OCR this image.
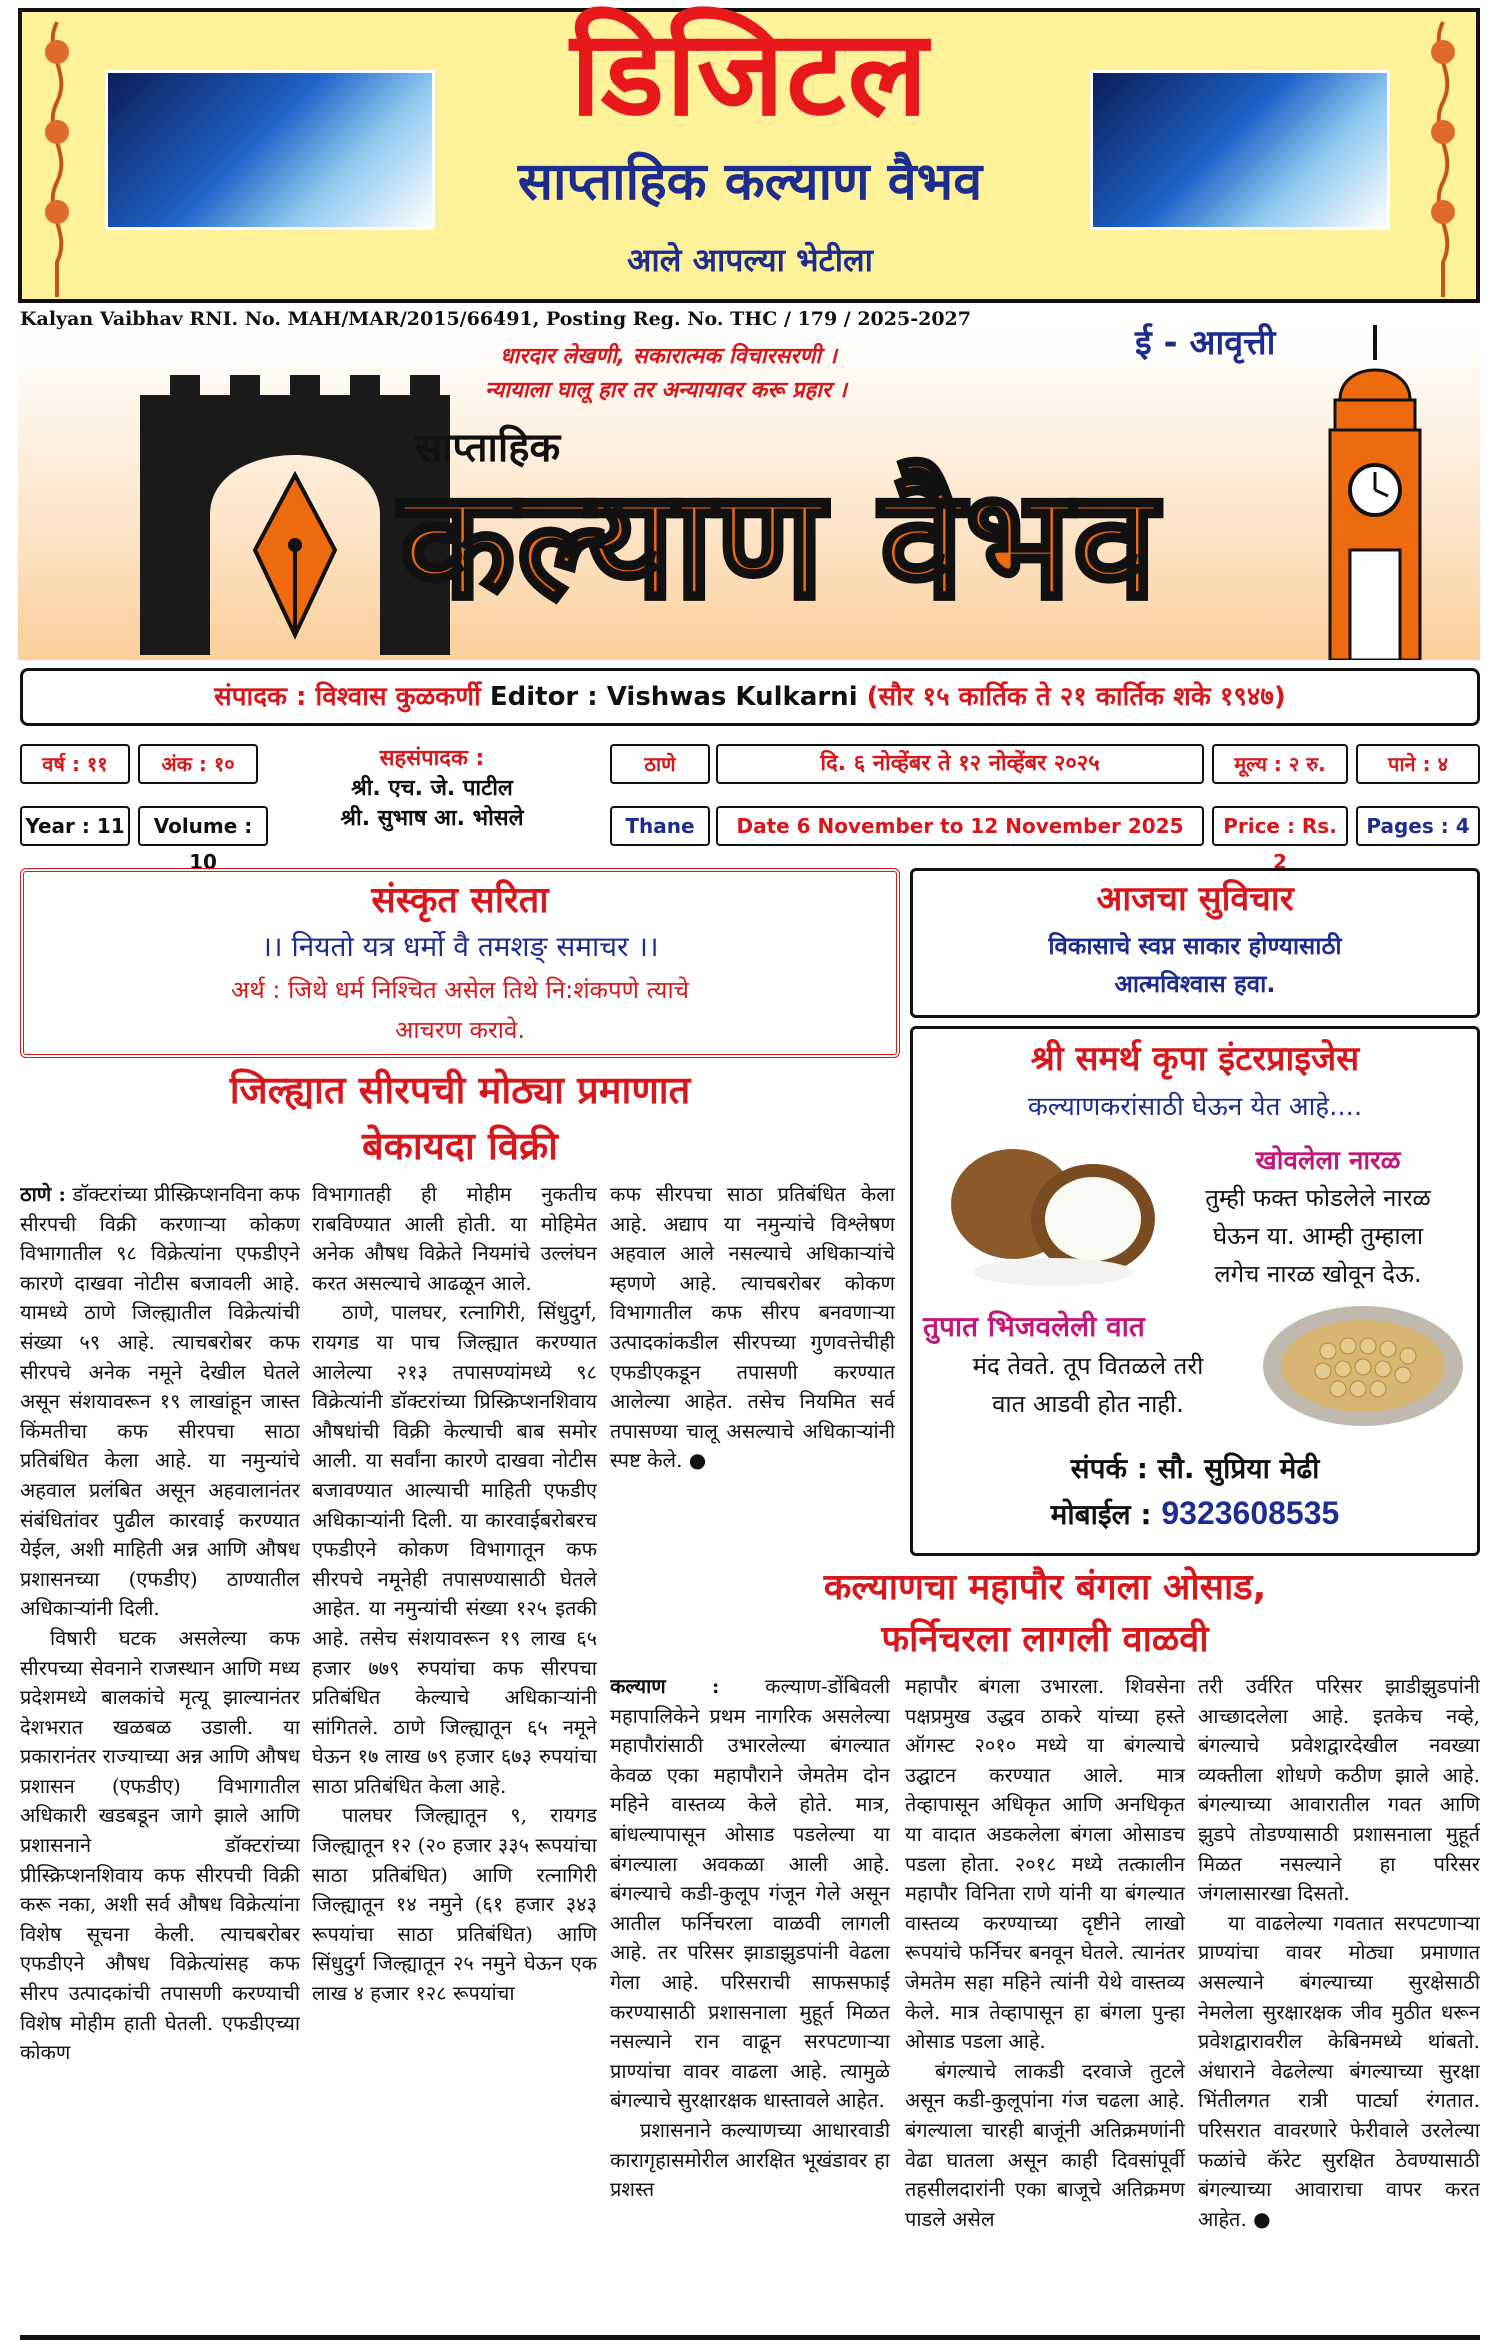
डिजिटल
साप्ताहिक कल्याण वैभव
आले आपल्या भेटीला
Kalyan Vaibhav RNI. No. MAH/MAR/2015/66491, Posting Reg. No. THC / 179 / 2025-2027
धारदार लेखणी, सकारात्मक विचारसरणी ।
न्यायाला घालू हार तर अन्यायावर करू प्रहार ।
ई - आवृत्ती
साप्ताहिक
कल्याण वैभव
संपादक : विश्वास कुळकर्णी Editor : Vishwas Kulkarni (सौर १५ कार्तिक ते २१ कार्तिक शके १९४७)
वर्ष : ११	अंक : १०	सहसंपादक :
श्री. एच. जे. पाटील
श्री. सुभाष आ. भोसले
ठाणे	दि. ६ नोव्हेंबर ते १२ नोव्हेंबर २०२५	मूल्य : २ रु.	पाने : ४
Year : 11	Volume : 10
Thane	Date 6 November to 12 November 2025	Price : Rs. 2
Pages : 4
संस्कृत सरिता
।। नियतो यत्र धर्मो वै तमशङ्‍ समाचर ।।
अर्थ : जिथे धर्म निश्चित असेल तिथे नि:शंकपणे त्याचे
आचरण करावे.
आजचा सुविचार
विकासाचे स्वप्न साकार होण्यासाठी
आत्मविश्वास हवा.
श्री समर्थ कृपा इंटरप्राइजेस
कल्याणकरांसाठी घेऊन येत आहे....
खोवलेला नारळ
तुम्ही फक्त फोडलेले नारळ
घेऊन या. आम्ही तुम्हाला
लगेच नारळ खोवून देऊ.
तुपात भिजवलेली वात
मंद तेवते. तूप वितळले तरी
वात आडवी होत नाही.
संपर्क : सौ. सुप्रिया मेढी
मोबाईल : 9323608535
जिल्ह्यात सीरपची मोठ्या प्रमाणात
बेकायदा विक्री

ठाणे : डॉक्टरांच्या प्रीस्क्रिप्शनविना कफ सीरपची विक्री करणाऱ्या कोकण विभागातील ९८ विक्रेत्यांना एफडीएने कारणे दाखवा नोटीस बजावली आहे. यामध्ये ठाणे जिल्ह्यातील विक्रेत्यांची संख्या ५९ आहे. त्याचबरोबर कफ सीरपचे अनेक नमूने देखील घेतले असून संशयावरून १९ लाखांहून जास्त किंमतीचा कफ सीरपचा साठा प्रतिबंधित केला आहे. या नमुन्यांचे अहवाल प्रलंबित असून अहवालानंतर संबंधितांवर पुढील कारवाई करण्यात येईल, अशी माहिती अन्न आणि औषध प्रशासनच्या (एफडीए) ठाण्यातील अधिकाऱ्यांनी दिली.

विषारी घटक असलेल्या कफ सीरपच्या सेवनाने राजस्थान आणि मध्य प्रदेशमध्ये बालकांचे मृत्यू झाल्यानंतर देशभरात खळबळ उडाली. या प्रकारानंतर राज्याच्या अन्न आणि औषध प्रशासन (एफडीए) विभागातील अधिकारी खडबडून जागे झाले आणि प्रशासनाने डॉक्टरांच्या प्रीस्क्रिप्शनशिवाय कफ सीरपची विक्री करू नका, अशी सर्व औषध विक्रेत्यांना विशेष सूचना केली. त्याचबरोबर एफडीएने औषध विक्रेत्यांसह कफ सीरप उत्पादकांची तपासणी करण्याची विशेष मोहीम हाती घेतली. एफडीएच्या कोकण

विभागातही ही मोहीम नुकतीच राबविण्यात आली होती. या मोहिमेत अनेक औषध विक्रेते नियमांचे उल्लंघन करत असल्याचे आढळून आले.

ठाणे, पालघर, रत्नागिरी, सिंधुदुर्ग, रायगड या पाच जिल्ह्यात करण्यात आलेल्या २१३ तपासण्यांमध्ये ९८ विक्रेत्यांनी डॉक्टरांच्या प्रिस्क्रिप्शनशिवाय औषधांची विक्री केल्याची बाब समोर आली. या सर्वांना कारणे दाखवा नोटीस बजावण्यात आल्याची माहिती एफडीए अधिकाऱ्यांनी दिली. या कारवाईबरोबरच एफडीएने कोकण विभागातून कफ सीरपचे नमूनेही तपासण्यासाठी घेतले आहेत. या नमुन्यांची संख्या १२५ इतकी आहे. तसेच संशयावरून १९ लाख ६५ हजार ७७९ रुपयांचा कफ सीरपचा प्रतिबंधित केल्याचे अधिकाऱ्यांनी सांगितले. ठाणे जिल्ह्यातून ६५ नमूने घेऊन १७ लाख ७९ हजार ६७३ रुपयांचा साठा प्रतिबंधित केला आहे.

पालघर जिल्ह्यातून ९, रायगड जिल्ह्यातून १२ (२० हजार ३३५ रूपयांचा साठा प्रतिबंधित) आणि रत्नागिरी जिल्ह्यातून १४ नमुने (६१ हजार ३४३ रूपयांचा साठा प्रतिबंधित) आणि सिंधुदुर्ग जिल्ह्यातून २५ नमुने घेऊन एक लाख ४ हजार १२८ रूपयांचा

कफ सीरपचा साठा प्रतिबंधित केला आहे. अद्याप या नमुन्यांचे विश्लेषण अहवाल आले नसल्याचे अधिकाऱ्यांचे म्हणणे आहे. त्याचबरोबर कोकण विभागातील कफ सीरप बनवणाऱ्या उत्पादकांकडील सीरपच्या गुणवत्तेचीही एफडीएकडून तपासणी करण्यात आलेल्या आहेत. तसेच नियमित सर्व तपासण्या चालू असल्याचे अधिकाऱ्यांनी स्पष्ट केले. ●

कल्याणचा महापौर बंगला ओसाड,
फर्निचरला लागली वाळवी

कल्याण : कल्याण-डोंबिवली महापालिकेने प्रथम नागरिक असलेल्या महापौरांसाठी उभारलेल्या बंगल्यात केवळ एका महापौराने जेमतेम दोन महिने वास्तव्य केले होते. मात्र, बांधल्यापासून ओसाड पडलेल्या या बंगल्याला अवकळा आली आहे. बंगल्याचे कडी-कुलूप गंजून गेले असून आतील फर्निचरला वाळवी लागली आहे. तर परिसर झाडाझुडपांनी वेढला गेला आहे. परिसराची साफसफाई करण्यासाठी प्रशासनाला मुहूर्त मिळत नसल्याने रान वाढून सरपटणाऱ्या प्राण्यांचा वावर वाढला आहे. त्यामुळे बंगल्याचे सुरक्षारक्षक धास्तावले आहेत.

प्रशासनाने कल्याणच्या आधारवाडी कारागृहासमोरील आरक्षित भूखंडावर हा प्रशस्त

महापौर बंगला उभारला. शिवसेना पक्षप्रमुख उद्धव ठाकरे यांच्या हस्ते ऑगस्ट २०१० मध्ये या बंगल्याचे उद्घाटन करण्यात आले. मात्र तेव्हापासून अधिकृत आणि अनधिकृत या वादात अडकलेला बंगला ओसाडच पडला होता. २०१८ मध्ये तत्कालीन महापौर विनिता राणे यांनी या बंगल्यात वास्तव्य करण्याच्या दृष्टीने लाखो रूपयांचे फर्निचर बनवून घेतले. त्यानंतर जेमतेम सहा महिने त्यांनी येथे वास्तव्य केले. मात्र तेव्हापासून हा बंगला पुन्हा ओसाड पडला आहे.

बंगल्याचे लाकडी दरवाजे तुटले असून कडी-कुलूपांना गंज चढला आहे. बंगल्याला चारही बाजूंनी अतिक्रमणांनी वेढा घातला असून काही दिवसांपूर्वी तहसीलदारांनी एका बाजूचे अतिक्रमण पाडले असेल

तरी उर्वरित परिसर झाडीझुडपांनी आच्छादलेला आहे. इतकेच नव्हे, बंगल्याचे प्रवेशद्वारदेखील नवख्या व्यक्तीला शोधणे कठीण झाले आहे. बंगल्याच्या आवारातील गवत आणि झुडपे तोडण्यासाठी प्रशासनाला मुहूर्त मिळत नसल्याने हा परिसर जंगलासारखा दिसतो.

या वाढलेल्या गवतात सरपटणाऱ्या प्राण्यांचा वावर मोठ्या प्रमाणात असल्याने बंगल्याच्या सुरक्षेसाठी नेमलेला सुरक्षारक्षक जीव मुठीत धरून प्रवेशद्वारावरील केबिनमध्ये थांबतो. अंधाराने वेढलेल्या बंगल्याच्या सुरक्षा भिंतीलगत रात्री पार्ट्या रंगतात. परिसरात वावरणारे फेरीवाले उरलेल्या फळांचे कॅरेट सुरक्षित ठेवण्यासाठी बंगल्याच्या आवाराचा वापर करत आहेत. ●
